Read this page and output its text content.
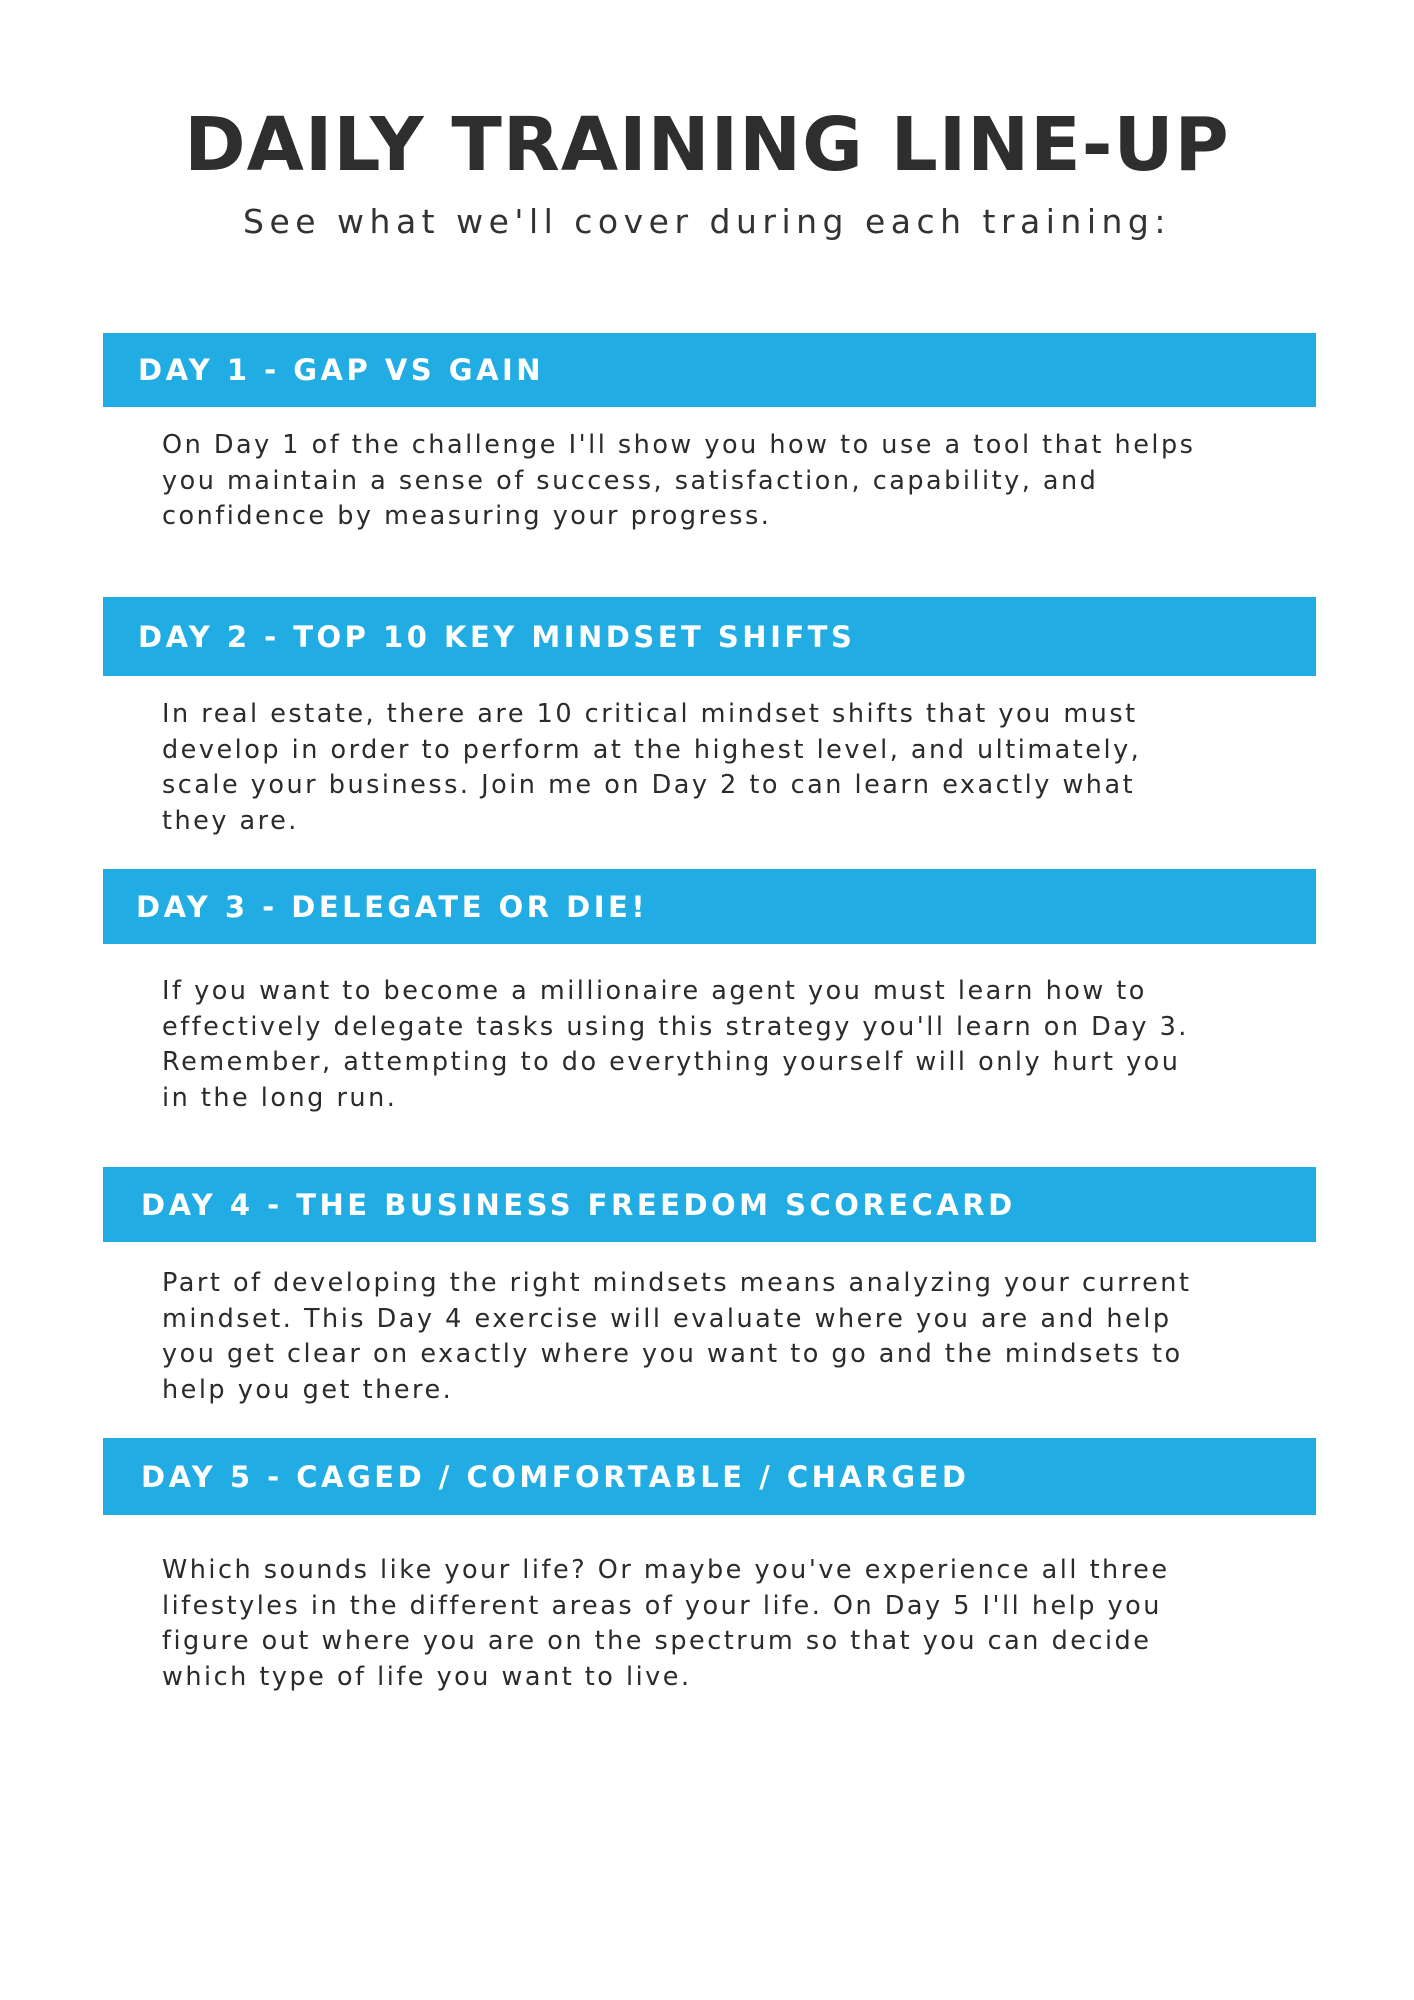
DAILY TRAINING LINE-UP
See what we'll cover during each training:
DAY 1 - GAP VS GAIN
On Day 1 of the challenge I'll show you how to use a tool that helps
you maintain a sense of success, satisfaction, capability, and
confidence by measuring your progress.
DAY 2 - TOP 10 KEY MINDSET SHIFTS
In real estate, there are 10 critical mindset shifts that you must
develop in order to perform at the highest level, and ultimately,
scale your business. Join me on Day 2 to can learn exactly what
they are.
DAY 3 - DELEGATE OR DIE!
If you want to become a millionaire agent you must learn how to
effectively delegate tasks using this strategy you'll learn on Day 3.
Remember, attempting to do everything yourself will only hurt you
in the long run.
DAY 4 - THE BUSINESS FREEDOM SCORECARD
Part of developing the right mindsets means analyzing your current
mindset. This Day 4 exercise will evaluate where you are and help
you get clear on exactly where you want to go and the mindsets to
help you get there.
DAY 5 - CAGED / COMFORTABLE / CHARGED
Which sounds like your life? Or maybe you've experience all three
lifestyles in the different areas of your life. On Day 5 I'll help you
figure out where you are on the spectrum so that you can decide
which type of life you want to live.
